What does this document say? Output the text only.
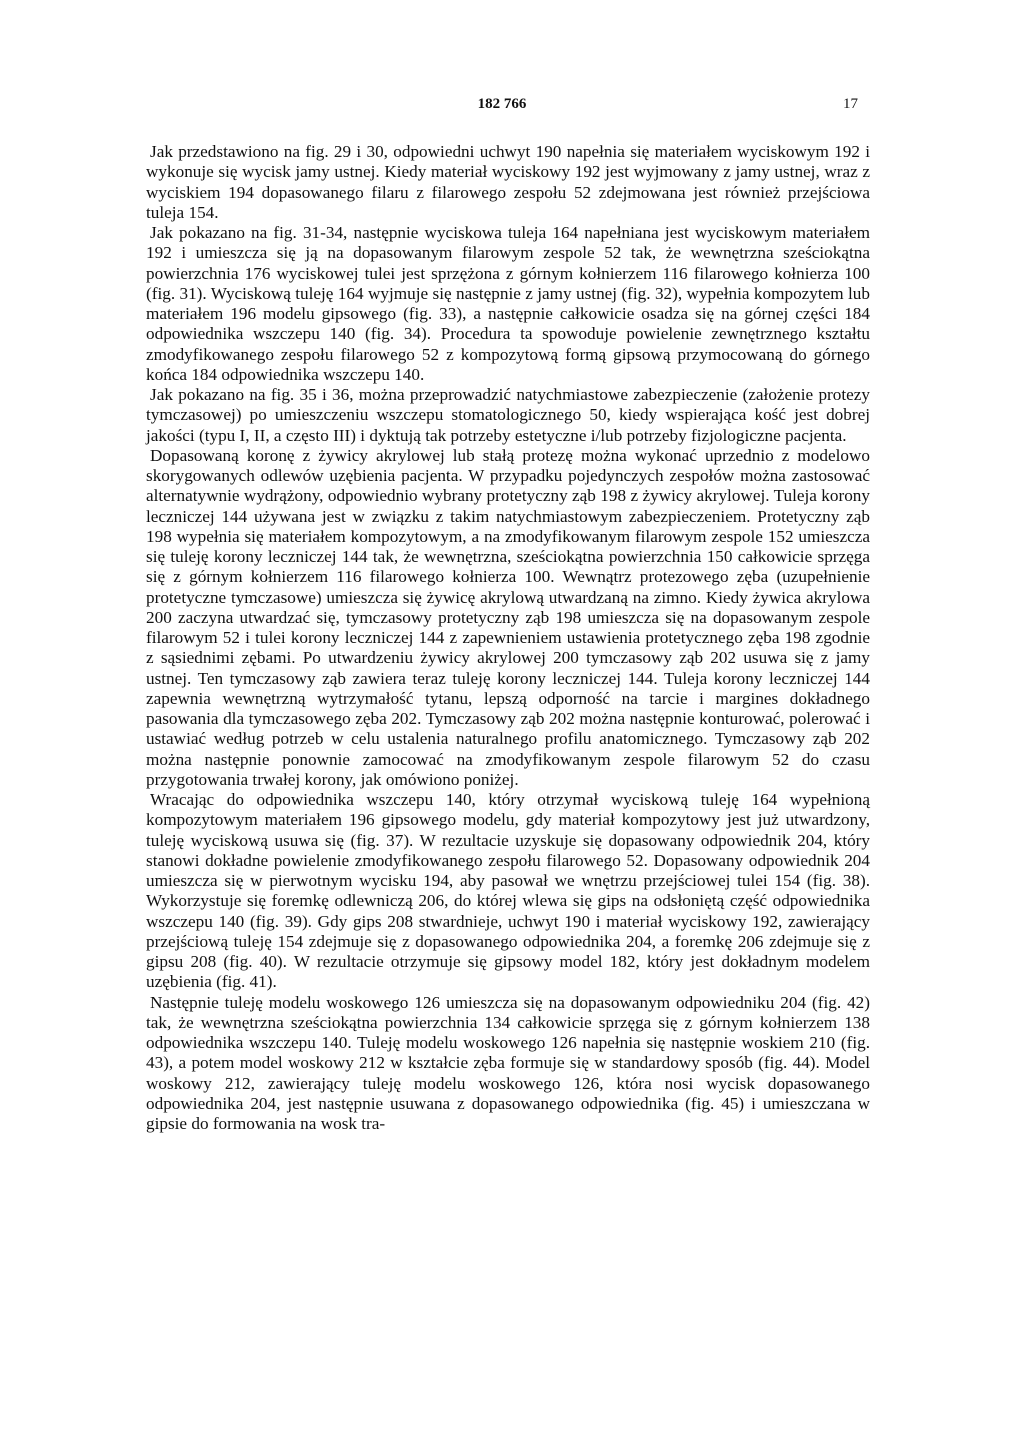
182 766	17

Jak przedstawiono na fig. 29 i 30, odpowiedni uchwyt 190 napełnia się materiałem wyciskowym 192 i wykonuje się wycisk jamy ustnej. Kiedy materiał wyciskowy 192 jest wyjmowany z jamy ustnej, wraz z wyciskiem 194 dopasowanego filaru z filarowego zespołu 52 zdejmowana jest również przejściowa tuleja 154.

Jak pokazano na fig. 31-34, następnie wyciskowa tuleja 164 napełniana jest wyciskowym materiałem 192 i umieszcza się ją na dopasowanym filarowym zespole 52 tak, że wewnętrzna sześciokątna powierzchnia 176 wyciskowej tulei jest sprzężona z górnym kołnierzem 116 filarowego kołnierza 100 (fig. 31). Wyciskową tuleję 164 wyjmuje się następnie z jamy ustnej (fig. 32), wypełnia kompozytem lub materiałem 196 modelu gipsowego (fig. 33), a następnie całkowicie osadza się na górnej części 184 odpowiednika wszczepu 140 (fig. 34). Procedura ta spowoduje powielenie zewnętrznego kształtu zmodyfikowanego zespołu filarowego 52 z kompozytową formą gipsową przymocowaną do górnego końca 184 odpowiednika wszczepu 140.

Jak pokazano na fig. 35 i 36, można przeprowadzić natychmiastowe zabezpieczenie (założenie protezy tymczasowej) po umieszczeniu wszczepu stomatologicznego 50, kiedy wspierająca kość jest dobrej jakości (typu I, II, a często III) i dyktują tak potrzeby estetyczne i/lub potrzeby fizjologiczne pacjenta.

Dopasowaną koronę z żywicy akrylowej lub stałą protezę można wykonać uprzednio z modelowo skorygowanych odlewów uzębienia pacjenta. W przypadku pojedynczych zespołów można zastosować alternatywnie wydrążony, odpowiednio wybrany protetyczny ząb 198 z żywicy akrylowej. Tuleja korony leczniczej 144 używana jest w związku z takim natychmiastowym zabezpieczeniem. Protetyczny ząb 198 wypełnia się materiałem kompozytowym, a na zmodyfikowanym filarowym zespole 152 umieszcza się tuleję korony leczniczej 144 tak, że wewnętrzna, sześciokątna powierzchnia 150 całkowicie sprzęga się z górnym kołnierzem 116 filarowego kołnierza 100. Wewnątrz protezowego zęba (uzupełnienie protetyczne tymczasowe) umieszcza się żywicę akrylową utwardzaną na zimno. Kiedy żywica akrylowa 200 zaczyna utwardzać się, tymczasowy protetyczny ząb 198 umieszcza się na dopasowanym zespole filarowym 52 i tulei korony leczniczej 144 z zapewnieniem ustawienia protetycznego zęba 198 zgodnie z sąsiednimi zębami. Po utwardzeniu żywicy akrylowej 200 tymczasowy ząb 202 usuwa się z jamy ustnej. Ten tymczasowy ząb zawiera teraz tuleję korony leczniczej 144. Tuleja korony leczniczej 144 zapewnia wewnętrzną wytrzymałość tytanu, lepszą odporność na tarcie i margines dokładnego pasowania dla tymczasowego zęba 202. Tymczasowy ząb 202 można następnie konturować, polerować i ustawiać według potrzeb w celu ustalenia naturalnego profilu anatomicznego. Tymczasowy ząb 202 można następnie ponownie zamocować na zmodyfikowanym zespole filarowym 52 do czasu przygotowania trwałej korony, jak omówiono poniżej.

Wracając do odpowiednika wszczepu 140, który otrzymał wyciskową tuleję 164 wypełnioną kompozytowym materiałem 196 gipsowego modelu, gdy materiał kompozytowy jest już utwardzony, tuleję wyciskową usuwa się (fig. 37). W rezultacie uzyskuje się dopasowany odpowiednik 204, który stanowi dokładne powielenie zmodyfikowanego zespołu filarowego 52. Dopasowany odpowiednik 204 umieszcza się w pierwotnym wycisku 194, aby pasował we wnętrzu przejściowej tulei 154 (fig. 38). Wykorzystuje się foremkę odlewniczą 206, do której wlewa się gips na odsłoniętą część odpowiednika wszczepu 140 (fig. 39). Gdy gips 208 stwardnieje, uchwyt 190 i materiał wyciskowy 192, zawierający przejściową tuleję 154 zdejmuje się z dopasowanego odpowiednika 204, a foremkę 206 zdejmuje się z gipsu 208 (fig. 40). W rezultacie otrzymuje się gipsowy model 182, który jest dokładnym modelem uzębienia (fig. 41).

Następnie tuleję modelu woskowego 126 umieszcza się na dopasowanym odpowiedniku 204 (fig. 42) tak, że wewnętrzna sześciokątna powierzchnia 134 całkowicie sprzęga się z górnym kołnierzem 138 odpowiednika wszczepu 140. Tuleję modelu woskowego 126 napełnia się następnie woskiem 210 (fig. 43), a potem model woskowy 212 w kształcie zęba formuje się w standardowy sposób (fig. 44). Model woskowy 212, zawierający tuleję modelu woskowego 126, która nosi wycisk dopasowanego odpowiednika 204, jest następnie usuwana z dopasowanego odpowiednika (fig. 45) i umieszczana w gipsie do formowania na wosk tra-
